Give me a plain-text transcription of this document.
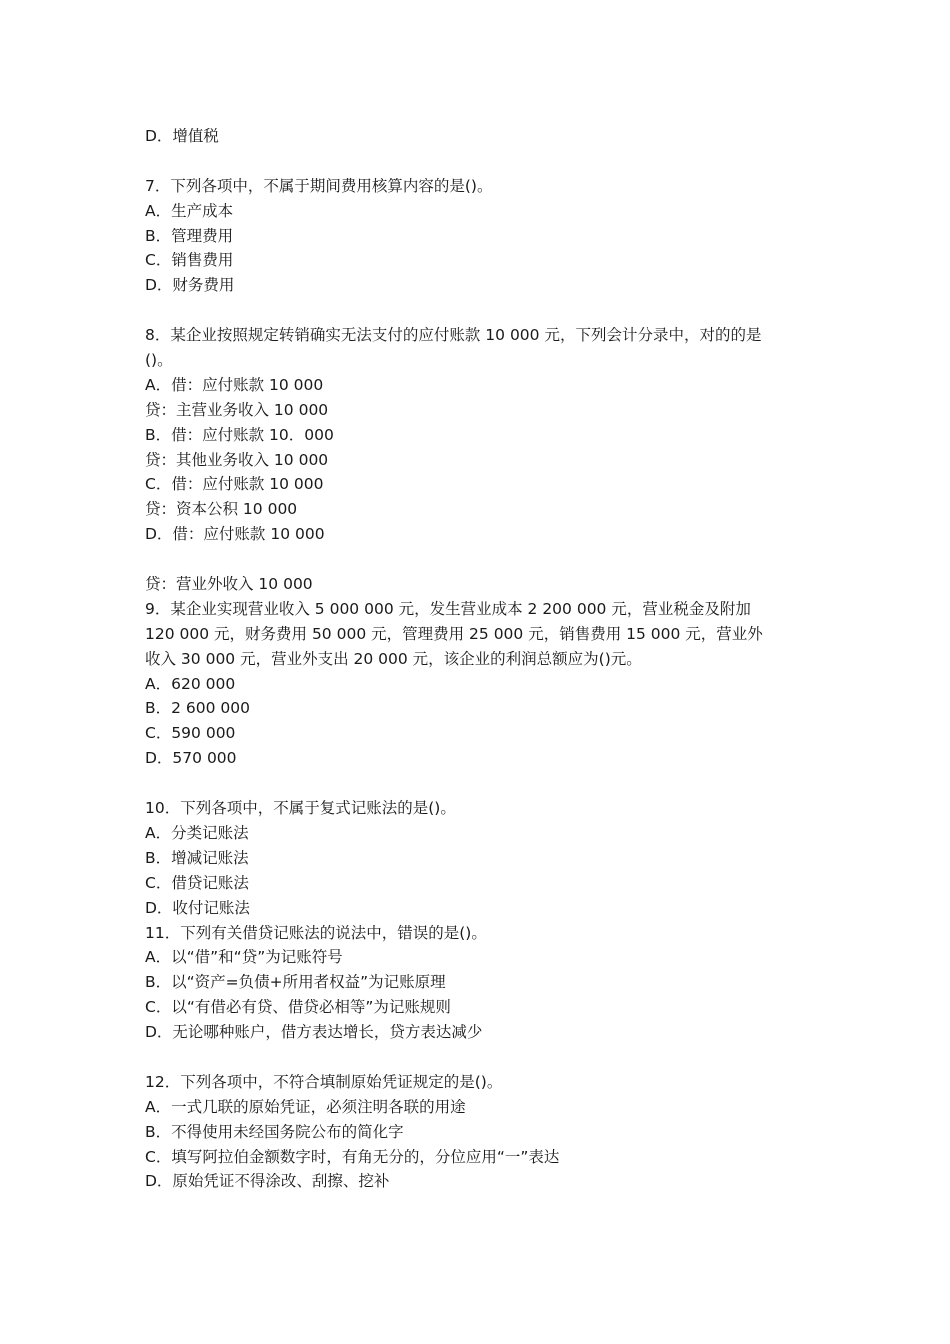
D．增值税
7．下列各项中，不属于期间费用核算内容的是()。
A．生产成本
B．管理费用
C．销售费用
D．财务费用
8．某企业按照规定转销确实无法支付的应付账款 10 000 元，下列会计分录中，对的的是
()。
A．借：应付账款 10 000
贷：主营业务收入 10 000
B．借：应付账款 10．000
贷：其他业务收入 10 000
C．借：应付账款 10 000
贷：资本公积 10 000
D．借：应付账款 10 000
贷：营业外收入 10 000
9．某企业实现营业收入 5 000 000 元，发生营业成本 2 200 000 元，营业税金及附加
120 000 元，财务费用 50 000 元，管理费用 25 000 元，销售费用 15 000 元，营业外
收入 30 000 元，营业外支出 20 000 元，该企业的利润总额应为()元。
A．620 000
B．2 600 000
C．590 000
D．570 000
10．下列各项中，不属于复式记账法的是()。
A．分类记账法
B．增减记账法
C．借贷记账法
D．收付记账法
11．下列有关借贷记账法的说法中，错误的是()。
A．以“借”和“贷”为记账符号
B．以“资产=负债+所用者权益”为记账原理
C．以“有借必有贷、借贷必相等”为记账规则
D．无论哪种账户，借方表达增长，贷方表达减少
12．下列各项中，不符合填制原始凭证规定的是()。
A．一式几联的原始凭证，必须注明各联的用途
B．不得使用未经国务院公布的简化字
C．填写阿拉伯金额数字时，有角无分的，分位应用“一”表达
D．原始凭证不得涂改、刮擦、挖补
